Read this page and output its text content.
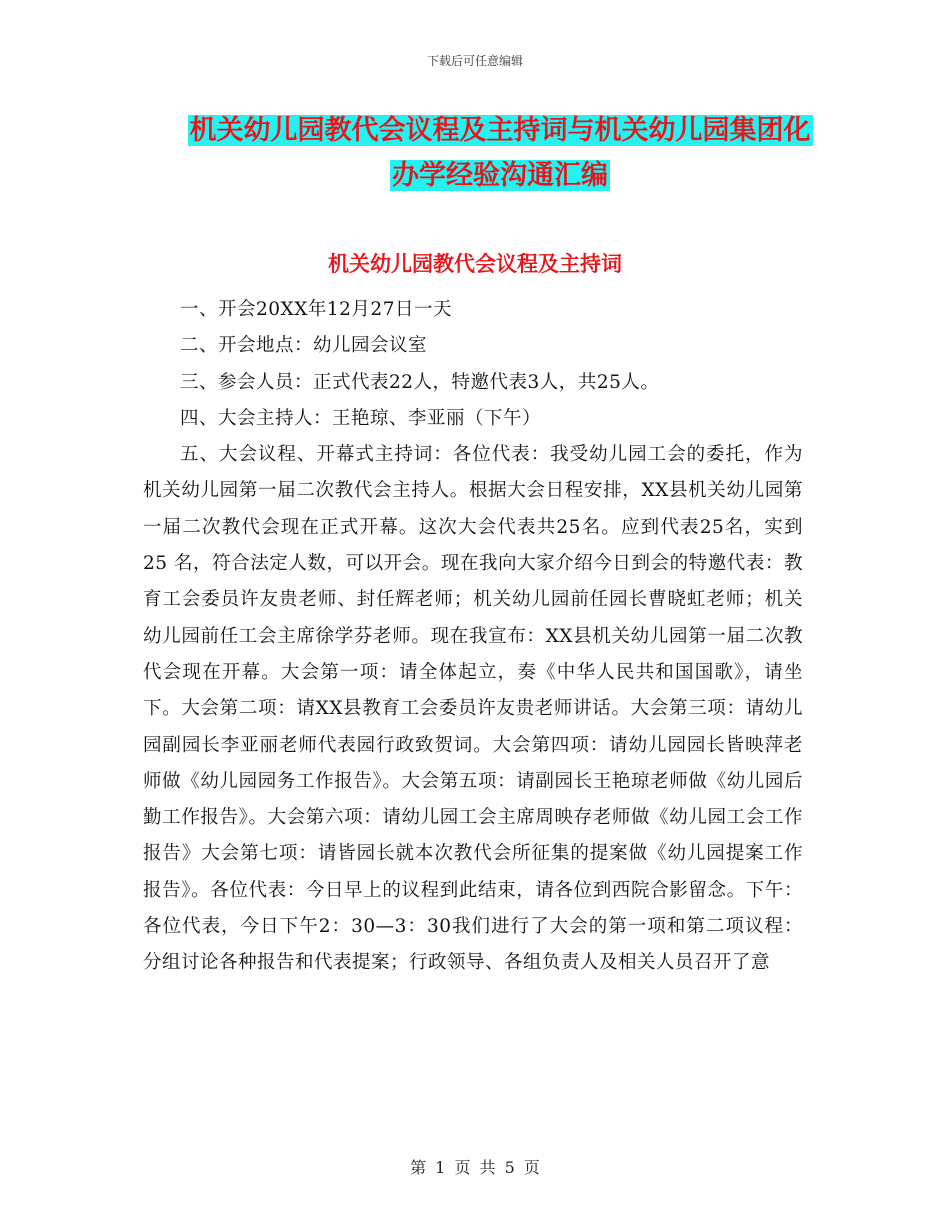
下载后可任意编辑
机关幼儿园教代会议程及主持词与机关幼儿园集团化
办学经验沟通汇编
机关幼儿园教代会议程及主持词

一、开会20XX年12月27日一天

二、开会地点：幼儿园会议室

三、参会人员：正式代表22人，特邀代表3人，共25人。

四、大会主持人：王艳琼、李亚丽（下午）

五、大会议程、开幕式主持词：各位代表：我受幼儿园工会的委托，作为机关幼儿园第一届二次教代会主持人。根据大会日程安排，XX县机关幼儿园第一届二次教代会现在正式开幕。这次大会代表共25名。应到代表25名，实到 25 名，符合法定人数，可以开会。现在我向大家介绍今日到会的特邀代表：教育工会委员许友贵老师、封任辉老师；机关幼儿园前任园长曹晓虹老师；机关幼儿园前任工会主席徐学芬老师。现在我宣布：XX县机关幼儿园第一届二次教代会现在开幕。大会第一项：请全体起立，奏《中华人民共和国国歌》，请坐下。大会第二项：请XX县教育工会委员许友贵老师讲话。大会第三项：请幼儿园副园长李亚丽老师代表园行政致贺词。大会第四项：请幼儿园园长皆映萍老师做《幼儿园园务工作报告》。大会第五项：请副园长王艳琼老师做《幼儿园后勤工作报告》。大会第六项：请幼儿园工会主席周映存老师做《幼儿园工会工作报告》大会第七项：请皆园长就本次教代会所征集的提案做《幼儿园提案工作报告》。各位代表：今日早上的议程到此结束，请各位到西院合影留念。下午：各位代表，今日下午2：30—3：30我们进行了大会的第一项和第二项议程：分组讨论各种报告和代表提案；行政领导、各组负责人及相关人员召开了意

第 1 页 共 5 页
